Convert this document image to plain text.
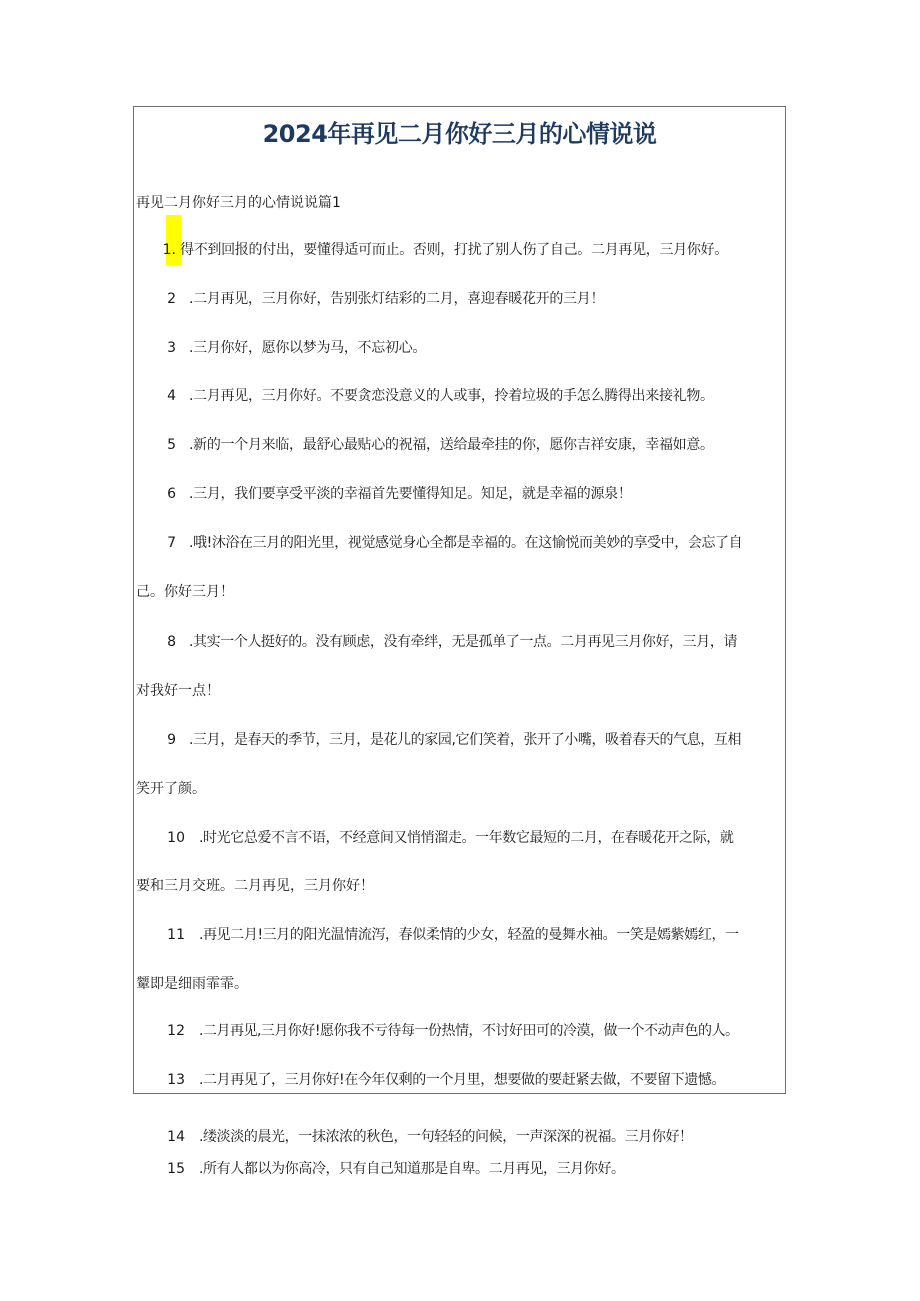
2024年再见二月你好三月的心情说说
再见二月你好三月的心情说说篇1
1. 得不到回报的付出，要懂得适可而止。否则，打扰了别人伤了自己。二月再见，三月你好。
2 .二月再见，三月你好，告别张灯结彩的二月，喜迎春暖花开的三月！
3 .三月你好，愿你以梦为马，不忘初心。
4 .二月再见，三月你好。不要贪恋没意义的人或事，拎着垃圾的手怎么腾得出来接礼物。
5 .新的一个月来临，最舒心最贴心的祝福，送给最牵挂的你，愿你吉祥安康，幸福如意。
6 .三月，我们要享受平淡的幸福首先要懂得知足。知足，就是幸福的源泉！
7 .哦!沐浴在三月的阳光里，视觉感觉身心全都是幸福的。在这愉悦而美妙的享受中，会忘了自
己。你好三月！
8 .其实一个人挺好的。没有顾虑，没有牵绊，无是孤单了一点。二月再见三月你好，三月，请
对我好一点！
9 .三月，是春天的季节，三月，是花儿的家园,它们笑着，张开了小嘴，吸着春天的气息，互相
笑开了颜。
10 .时光它总爱不言不语，不经意间又悄悄溜走。一年数它最短的二月，在春暖花开之际，就
要和三月交班。二月再见，三月你好！
11 .再见二月!三月的阳光温情流泻，春似柔情的少女，轻盈的曼舞水袖。一笑是嫣紫嫣红，一
颦即是细雨霏霏。
12 .二月再见,三月你好!愿你我不亏待每一份热情，不讨好田可的冷漠，做一个不动声色的人。
13 .二月再见了，三月你好!在今年仅剩的一个月里，想要做的要赶紧去做，不要留下遗憾。
14 .缕淡淡的晨光，一抹浓浓的秋色，一句轻轻的问候，一声深深的祝福。三月你好！
15 .所有人都以为你高冷，只有自己知道那是自卑。二月再见，三月你好。
